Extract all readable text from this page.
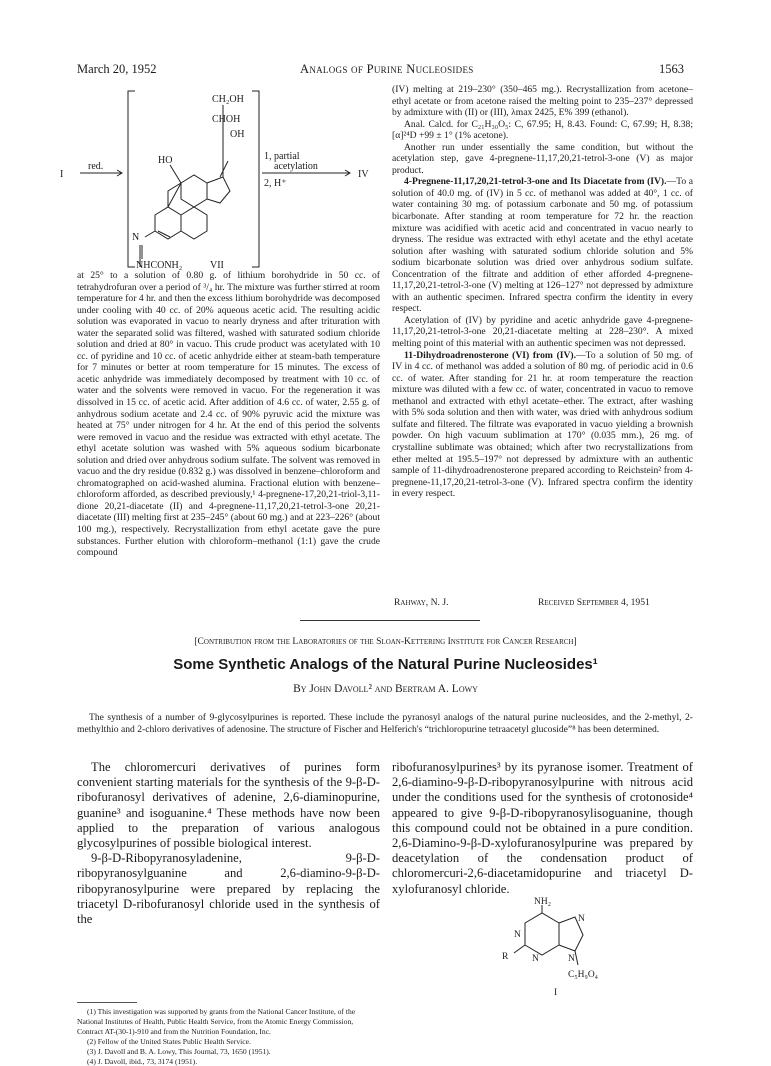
March 20, 1952	Analogs of Purine Nucleosides	1563
I
red.
CH₂OH
CHOH
OH
HO
N
NHCONH₂	VII
1, partial
acetylation
2, H⁺
IV

at 25° to a solution of 0.80 g. of lithium borohydride in 50 cc. of tetrahydrofuran over a period of ³/₄ hr. The mixture was further stirred at room temperature for 4 hr. and then the excess lithium borohydride was decomposed under cooling with 40 cc. of 20% aqueous acetic acid. The resulting acidic solution was evaporated in vacuo to nearly dryness and after trituration with water the separated solid was filtered, washed with saturated sodium chloride solution and dried at 80° in vacuo. This crude product was acetylated with 10 cc. of pyridine and 10 cc. of acetic anhydride either at steam-bath temperature for 7 minutes or better at room temperature for 15 minutes. The excess of acetic anhydride was immediately decomposed by treatment with 10 cc. of water and the solvents were removed in vacuo. For the regeneration it was dissolved in 15 cc. of acetic acid. After addition of 4.6 cc. of water, 2.55 g. of anhydrous sodium acetate and 2.4 cc. of 90% pyruvic acid the mixture was heated at 75° under nitrogen for 4 hr. At the end of this period the solvents were removed in vacuo and the residue was extracted with ethyl acetate. The ethyl acetate solution was washed with 5% aqueous sodium bicarbonate solution and dried over anhydrous sodium sulfate. The solvent was removed in vacuo and the dry residue (0.832 g.) was dissolved in benzene–chloroform and chromatographed on acid-washed alumina. Fractional elution with benzene–chloroform afforded, as described previously,¹ 4-pregnene-17,20,21-triol-3,11-dione 20,21-diacetate (II) and 4-pregnene-11,17,20,21-tetrol-3-one 20,21-diacetate (III) melting first at 235–245° (about 60 mg.) and at 223–226° (about 100 mg.), respectively. Recrystallization from ethyl acetate gave the pure substances. Further elution with chloroform–methanol (1:1) gave the crude compound

(IV) melting at 219–230° (350–465 mg.). Recrystallization from acetone–ethyl acetate or from acetone raised the melting point to 235–237° depressed by admixture with (II) or (III), λmax 2425, E% 399 (ethanol).

Anal. Calcd. for C₂₁H₃₀O₅: C, 67.95; H, 8.43. Found: C, 67.99; H, 8.38; [α]²⁴D +99 ± 1° (1% acetone).

Another run under essentially the same condition, but without the acetylation step, gave 4-pregnene-11,17,20,21-tetrol-3-one (V) as major product.

4-Pregnene-11,17,20,21-tetrol-3-one and Its Diacetate from (IV).—To a solution of 40.0 mg. of (IV) in 5 cc. of methanol was added at 40°, 1 cc. of water containing 30 mg. of potassium carbonate and 50 mg. of potassium bicarbonate. After standing at room temperature for 72 hr. the reaction mixture was acidified with acetic acid and concentrated in vacuo nearly to dryness. The residue was extracted with ethyl acetate and the ethyl acetate solution after washing with saturated sodium chloride solution and 5% sodium bicarbonate solution was dried over anhydrous sodium sulfate. Concentration of the filtrate and addition of ether afforded 4-pregnene-11,17,20,21-tetrol-3-one (V) melting at 126–127° not depressed by admixture with an authentic specimen. Infrared spectra confirm the identity in every respect.

Acetylation of (IV) by pyridine and acetic anhydride gave 4-pregnene-11,17,20,21-tetrol-3-one 20,21-diacetate melting at 228–230°. A mixed melting point of this material with an authentic specimen was not depressed.

11-Dihydroadrenosterone (VI) from (IV).—To a solution of 50 mg. of IV in 4 cc. of methanol was added a solution of 80 mg. of periodic acid in 0.6 cc. of water. After standing for 21 hr. at room temperature the reaction mixture was diluted with a few cc. of water, concentrated in vacuo to remove methanol and extracted with ethyl acetate–ether. The extract, after washing with 5% soda solution and then with water, was dried with anhydrous sodium sulfate and filtered. The filtrate was evaporated in vacuo yielding a brownish powder. On high vacuum sublimation at 170° (0.035 mm.), 26 mg. of crystalline sublimate was obtained; which after two recrystallizations from ether melted at 195.5–197° not depressed by admixture with an authentic sample of 11-dihydroadrenosterone prepared according to Reichstein² from 4-pregnene-11,17,20,21-tetrol-3-one (V). Infrared spectra confirm the identity in every respect.

Rahway, N. J.	Received September 4, 1951
[Contribution from the Laboratories of the Sloan-Kettering Institute for Cancer Research]
Some Synthetic Analogs of the Natural Purine Nucleosides¹
By John Davoll² and Bertram A. Lowy

The synthesis of a number of 9-glycosylpurines is reported. These include the pyranosyl analogs of the natural purine nucleosides, and the 2-methyl, 2-methylthio and 2-chloro derivatives of adenosine. The structure of Fischer and Helferich's “trichloropurine tetraacetyl glucoside”⁸ has been determined.

The chloromercuri derivatives of purines form convenient starting materials for the synthesis of the 9-β-D-ribofuranosyl derivatives of adenine, 2,6-diaminopurine, guanine³ and isoguanine.⁴ These methods have now been applied to the preparation of various analogous glycosylpurines of possible biological interest.

9-β-D-Ribopyranosyladenine, 9-β-D-ribopyranosylguanine and 2,6-diamino-9-β-D-ribopyranosylpurine were prepared by replacing the triacetyl D-ribofuranosyl chloride used in the synthesis of the

ribofuranosylpurines³ by its pyranose isomer. Treatment of 2,6-diamino-9-β-D-ribopyranosylpurine with nitrous acid under the conditions used for the synthesis of crotonoside⁴ appeared to give 9-β-D-ribopyranosylisoguanine, though this compound could not be obtained in a pure condition. 2,6-Diamino-9-β-D-xylofuranosylpurine was prepared by deacetylation of the condensation product of chloromercuri-2,6-diacetamidopurine and triacetyl D-xylofuranosyl chloride.

NH₂
N
N
N
N
R
C₅H₉O₄
I
(1) This investigation was supported by grants from the National Cancer Institute, of the National Institutes of Health, Public Health Service, from the Atomic Energy Commission, Contract AT-(30-1)-910 and from the Nutrition Foundation, Inc.
(2) Fellow of the United States Public Health Service.
(3) J. Davoll and B. A. Lowy, This Journal, 73, 1650 (1951).
(4) J. Davoll, ibid., 73, 3174 (1951).
